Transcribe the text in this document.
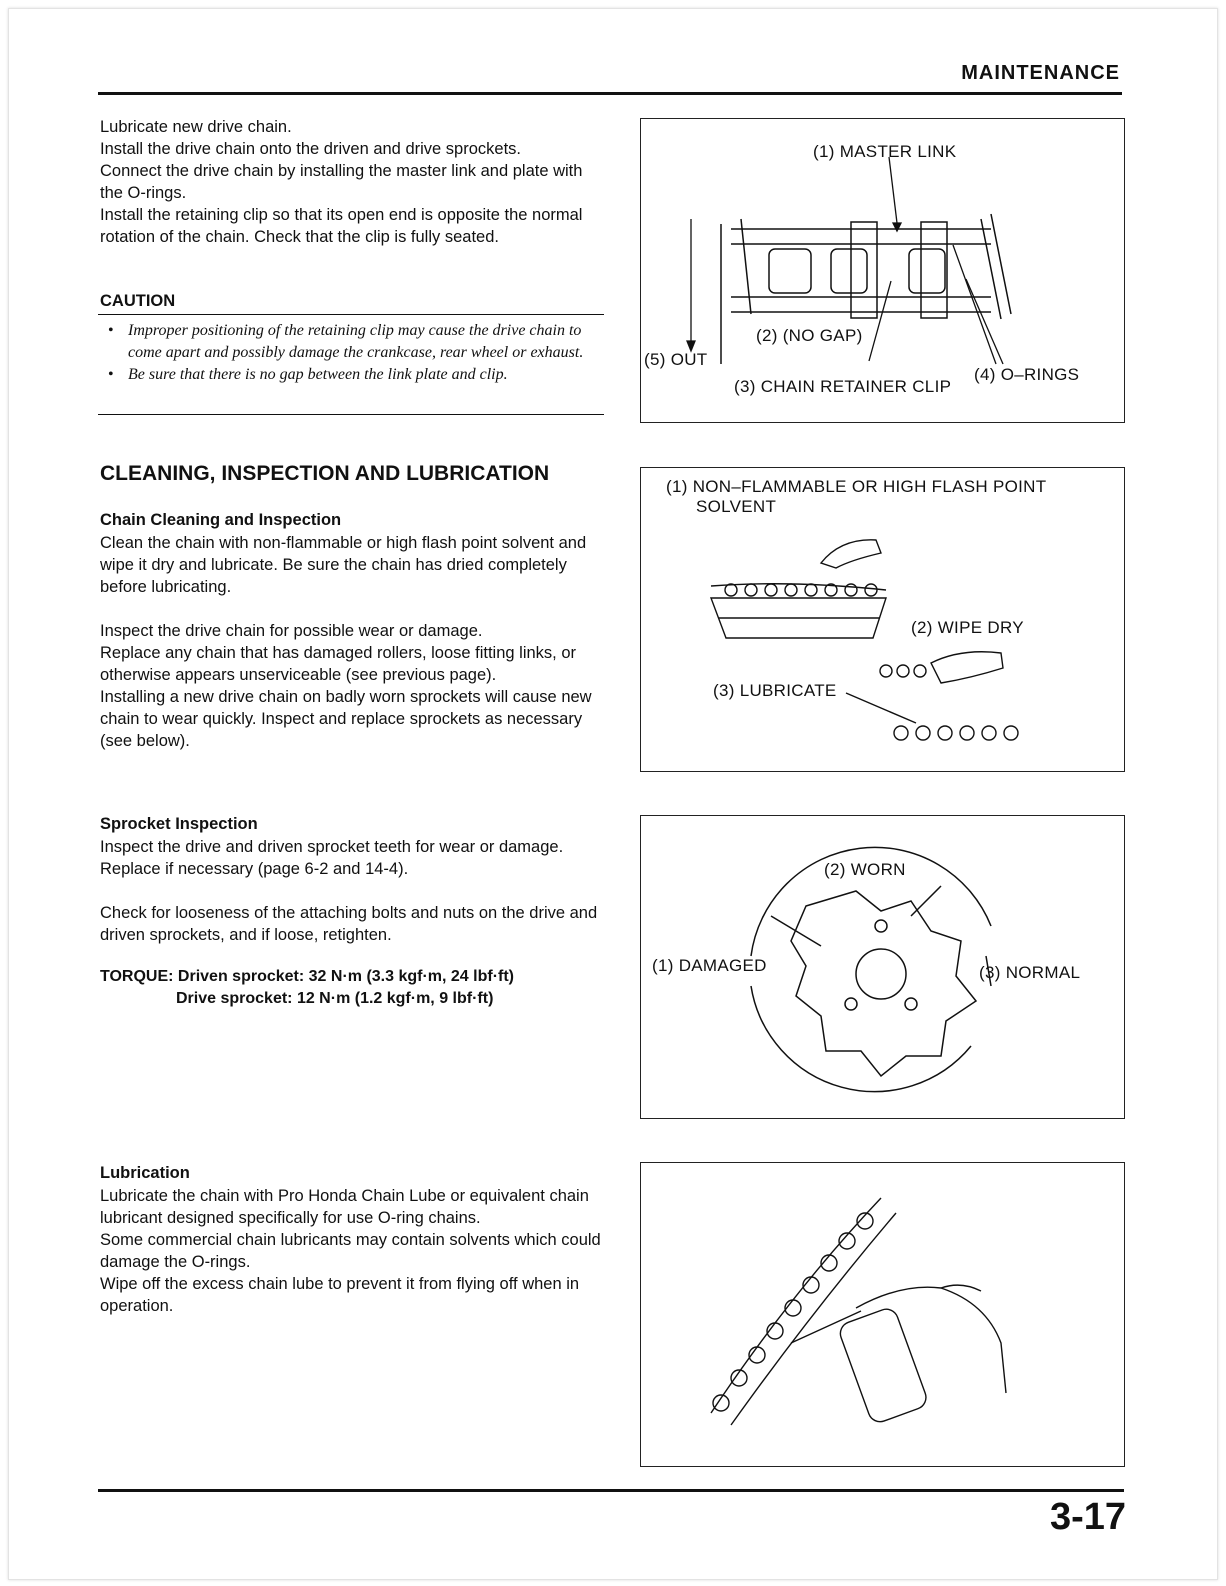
MAINTENANCE

Lubricate new drive chain.

Install the drive chain onto the driven and drive sprockets.

Connect the drive chain by installing the master link and plate with the O-rings.

Install the retaining clip so that its open end is opposite the normal rotation of the chain. Check that the clip is fully seated.

CAUTION
• Improper positioning of the retaining clip may cause the drive chain to come apart and possibly damage the crankcase, rear wheel or exhaust.
• Be sure that there is no gap between the link plate and clip.
CLEANING, INSPECTION AND LUBRICATION
Chain Cleaning and Inspection
Clean the chain with non-flammable or high flash point solvent and wipe it dry and lubricate. Be sure the chain has dried completely before lubricating.

Inspect the drive chain for possible wear or damage.

Replace any chain that has damaged rollers, loose fitting links, or otherwise appears unserviceable (see previous page).

Installing a new drive chain on badly worn sprockets will cause new chain to wear quickly. Inspect and replace sprockets as necessary (see below).

Sprocket Inspection
Inspect the drive and driven sprocket teeth for wear or damage. Replace if necessary (page 6-2 and 14-4).
Check for looseness of the attaching bolts and nuts on the drive and driven sprockets, and if loose, retighten.
TORQUE: Driven sprocket: 32 N·m (3.3 kgf·m, 24 lbf·ft)
Drive sprocket: 12 N·m (1.2 kgf·m, 9 lbf·ft)
Lubrication

Lubricate the chain with Pro Honda Chain Lube or equivalent chain lubricant designed specifically for use O-ring chains.

Some commercial chain lubricants may contain solvents which could damage the O-rings.

Wipe off the excess chain lube to prevent it from flying off when in operation.

(1) MASTER LINK
(2) (NO GAP)
(5) OUT
(4) O–RINGS
(3) CHAIN RETAINER CLIP
(1) NON–FLAMMABLE OR HIGH FLASH POINT
SOLVENT
(2) WIPE DRY
(3) LUBRICATE
(2) WORN
(1) DAMAGED	(3) NORMAL
3-17
